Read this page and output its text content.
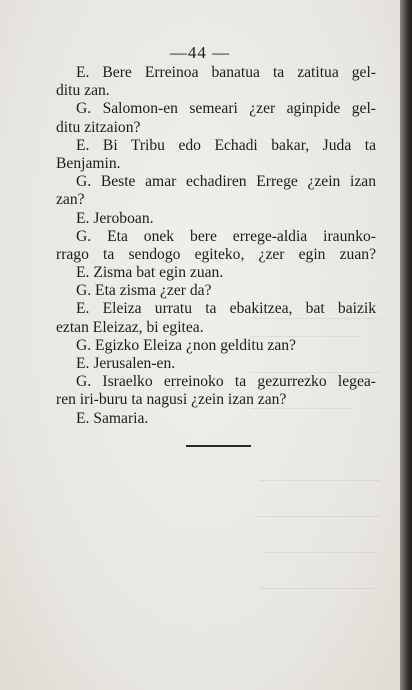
—44 —
E. Bere Erreinoa banatua ta zatitua gel-
ditu zan.
G. Salomon-en semeari ¿zer aginpide gel-
ditu zitzaion?
E. Bi Tribu edo Echadi bakar, Juda ta
Benjamin.
G. Beste amar echadiren Errege ¿zein izan
zan?
E. Jeroboan.
G. Eta onek bere errege-aldia iraunko-
rrago ta sendogo egiteko, ¿zer egin zuan?
E. Zisma bat egin zuan.
G. Eta zisma ¿zer da?
E. Eleiza urratu ta ebakitzea, bat baizik
eztan Eleizaz, bi egitea.
G. Egizko Eleiza ¿non gelditu zan?
E. Jerusalen-en.
G. Israelko erreinoko ta gezurrezko legea-
ren iri-buru ta nagusi ¿zein izan zan?
E. Samaria.
